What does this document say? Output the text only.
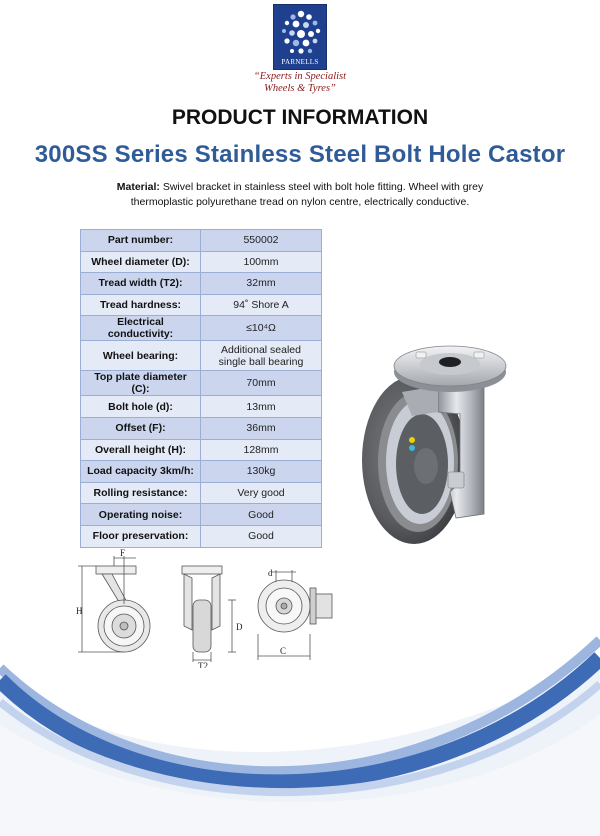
PARNELLS
“Experts in Specialist
Wheels & Tyres”
PRODUCT INFORMATION
300SS Series Stainless Steel Bolt Hole Castor
Material: Swivel bracket in stainless steel with bolt hole fitting. Wheel with grey
thermoplastic polyurethane tread on nylon centre, electrically conductive.
Part number:	550002
Wheel diameter (D):	100mm
Tread width (T2):	32mm
Tread hardness:	94˚ Shore A
Electrical conductivity:	≤10⁴Ω
Wheel bearing:	Additional sealed
single ball bearing
Top plate diameter (C):	70mm
Bolt hole (d):	13mm
Offset (F):	36mm
Overall height (H):	128mm
Load capacity 3km/h:	130kg
Rolling resistance:	Very good
Operating noise:	Good
Floor preservation:	Good
F
H
D
T2
d
C
